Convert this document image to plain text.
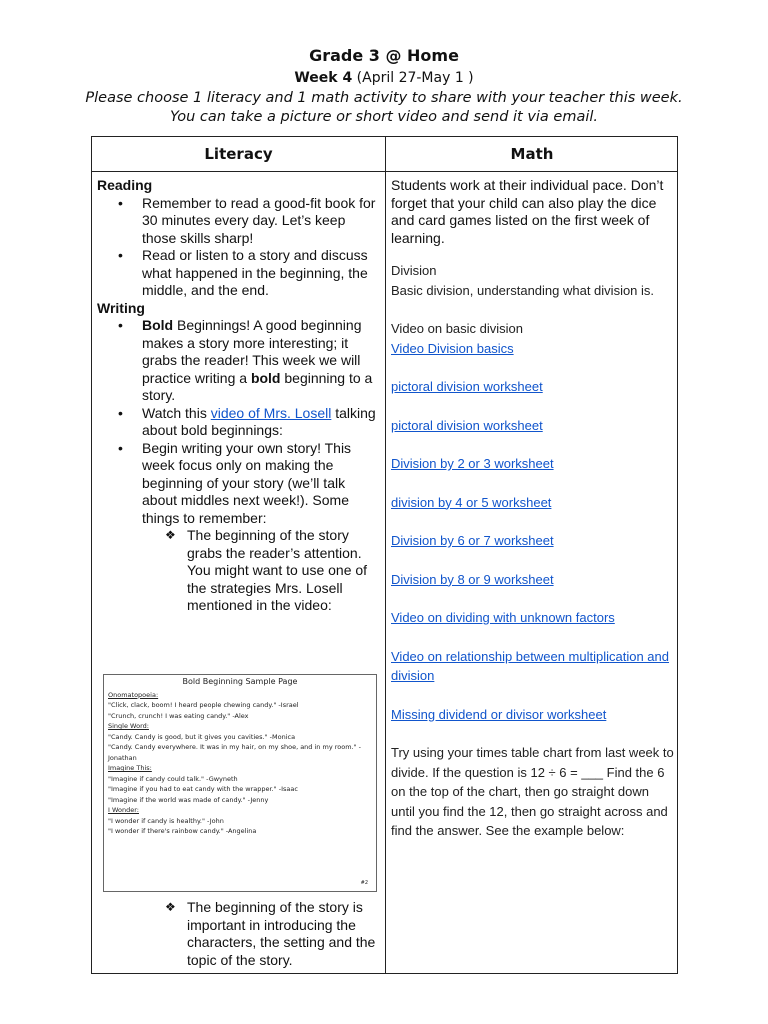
Grade 3 @ Home
Week 4 (April 27-May 1 )
Please choose 1 literacy and 1 math activity to share with your teacher this week. You can take a picture or short video and send it via email.
Literacy	Math
Reading
• Remember to read a good-fit book for 30 minutes every day. Let’s keep those skills sharp!
• Read or listen to a story and discuss what happened in the beginning, the middle, and the end.
Writing
• Bold Beginnings! A good beginning makes a story more interesting; it grabs the reader! This week we will practice writing a bold beginning to a story.
• Watch this video of Mrs. Losell talking about bold beginnings:
• Begin writing your own story! This week focus only on making the beginning of your story (we’ll talk about middles next week!). Some things to remember:
❖ The beginning of the story grabs the reader’s attention. You might want to use one of the strategies Mrs. Losell mentioned in the video:
Bold Beginning Sample Page
Onomatopoeia:
"Click, clack, boom! I heard people chewing candy." -Israel
"Crunch, crunch! I was eating candy." -Alex
Single Word:
"Candy. Candy is good, but it gives you cavities." -Monica
"Candy. Candy everywhere. It was in my hair, on my shoe, and in my room." -Jonathan
Imagine This:
"Imagine if candy could talk." -Gwyneth
"Imagine if you had to eat candy with the wrapper." -Isaac
"Imagine if the world was made of candy." -Jenny
I Wonder:
"I wonder if candy is healthy." -John
"I wonder if there's rainbow candy." -Angelina
#2
❖ The beginning of the story is important in introducing the characters, the setting and the topic of the story.
Students work at their individual pace. Don’t forget that your child can also play the dice and card games listed on the first week of learning.
Division
Basic division, understanding what division is.
Video on basic division
Video Division basics
pictoral division worksheet
pictoral division worksheet
Division by 2 or 3 worksheet
division by 4 or 5 worksheet
Division by 6 or 7 worksheet
Division by 8 or 9 worksheet
Video on dividing with unknown factors
Video on relationship between multiplication and division
Missing dividend or divisor worksheet
Try using your times table chart from last week to divide. If the question is 12 ÷ 6 = ___ Find the 6 on the top of the chart, then go straight down until you find the 12, then go straight across and find the answer. See the example below:
